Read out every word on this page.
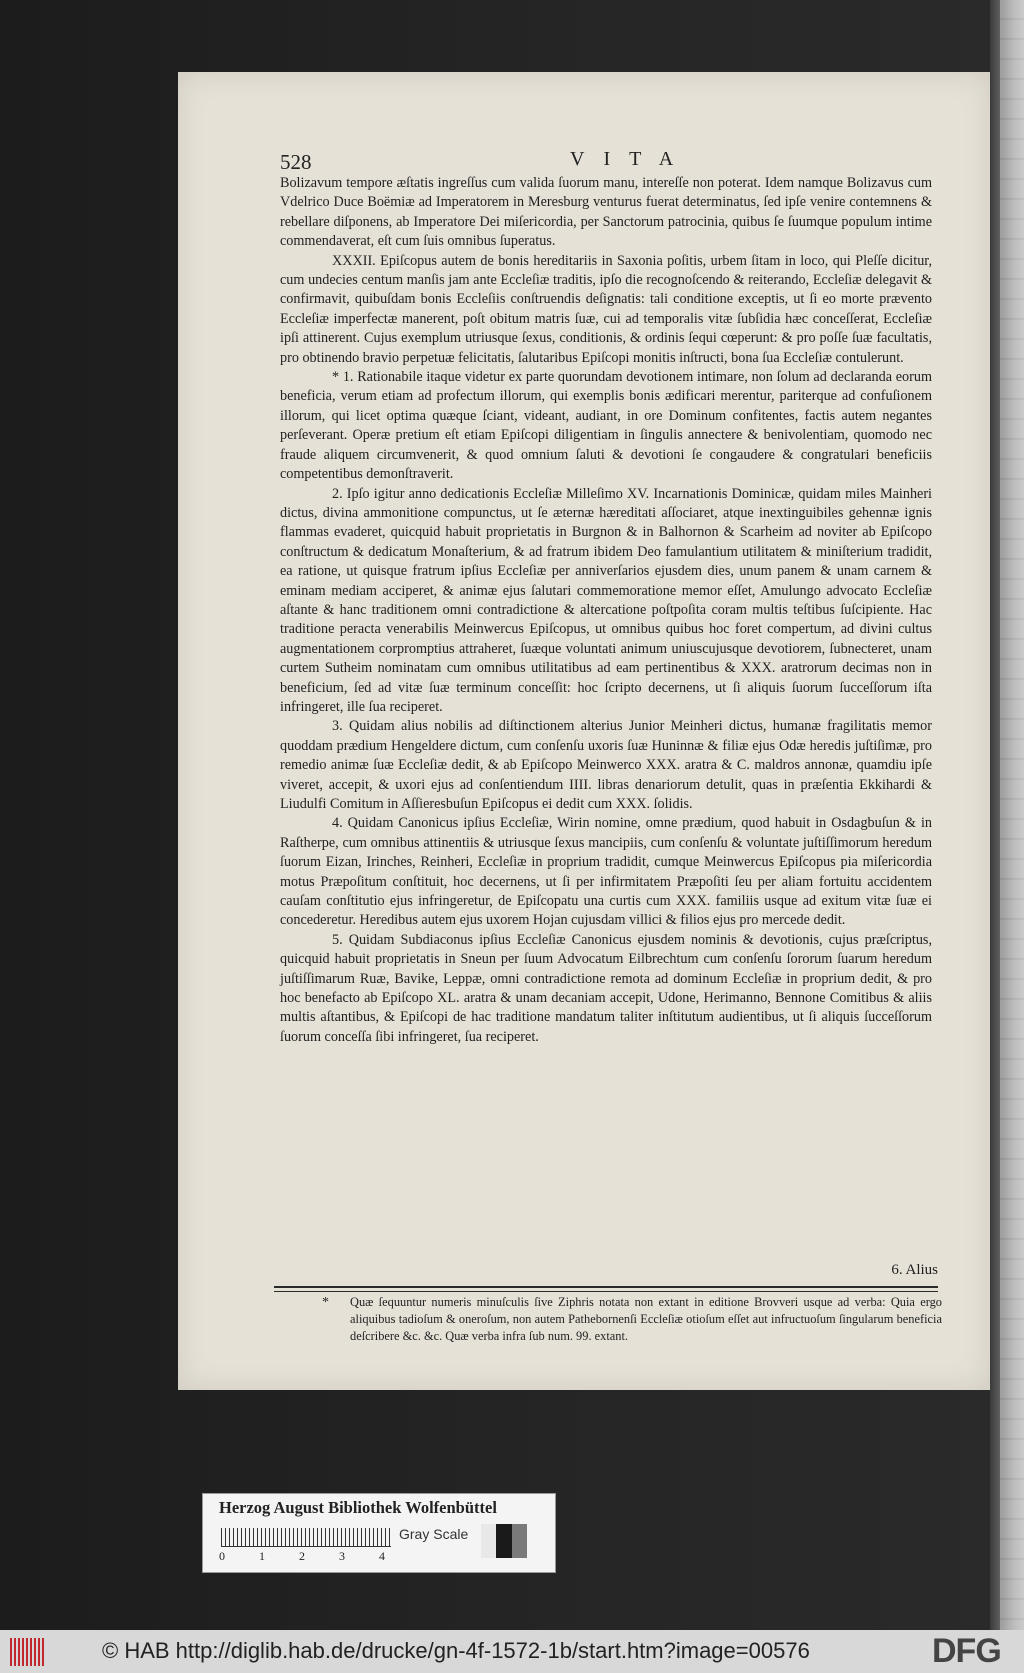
528	VITA

Bolizavum tempore æſtatis ingreſſus cum valida ſuorum manu, intereſſe non poterat. Idem namque Bolizavus cum Vdelrico Duce Boëmiæ ad Imperatorem in Meresburg venturus fuerat determinatus, ſed ipſe venire contemnens & rebellare diſponens, ab Imperatore Dei miſericordia, per Sanctorum patrocinia, quibus ſe ſuumque populum intime commendaverat, eſt cum ſuis omnibus ſuperatus.

XXXII. Epiſcopus autem de bonis hereditariis in Saxonia poſitis, urbem ſitam in loco, qui Pleſſe dicitur, cum undecies centum manſis jam ante Eccleſiæ traditis, ipſo die recognoſcendo & reiterando, Eccleſiæ delegavit & confirmavit, quibuſdam bonis Eccleſiis conſtruendis deſignatis: tali conditione exceptis, ut ſi eo morte prævento Eccleſiæ imperfectæ manerent, poſt obitum matris ſuæ, cui ad temporalis vitæ ſubſidia hæc conceſſerat, Eccleſiæ ipſi attinerent. Cujus exemplum utriusque ſexus, conditionis, & ordinis ſequi cœperunt: & pro poſſe ſuæ facultatis, pro obtinendo bravio perpetuæ felicitatis, ſalutaribus Epiſcopi monitis inſtructi, bona ſua Eccleſiæ contulerunt.

* 1. Rationabile itaque videtur ex parte quorundam devotionem intimare, non ſolum ad declaranda eorum beneficia, verum etiam ad profectum illorum, qui exemplis bonis ædificari merentur, pariterque ad confuſionem illorum, qui licet optima quæque ſciant, videant, audiant, in ore Dominum confitentes, factis autem negantes perſeverant. Operæ pretium eſt etiam Epiſcopi diligentiam in ſingulis annectere & benivolentiam, quomodo nec fraude aliquem circumvenerit, & quod omnium ſaluti & devotioni ſe congaudere & congratulari beneficiis competentibus demonſtraverit.

2. Ipſo igitur anno dedicationis Eccleſiæ Milleſimo XV. Incarnationis Dominicæ, quidam miles Mainheri dictus, divina ammonitione compunctus, ut ſe æternæ hæreditati aſſociaret, atque inextinguibiles gehennæ ignis flammas evaderet, quicquid habuit proprietatis in Burgnon & in Balhornon & Scarheim ad noviter ab Epiſcopo conſtructum & dedicatum Monaſterium, & ad fratrum ibidem Deo famulantium utilitatem & miniſterium tradidit, ea ratione, ut quisque fratrum ipſius Eccleſiæ per anniverſarios ejusdem dies, unum panem & unam carnem & eminam mediam acciperet, & animæ ejus ſalutari commemoratione memor eſſet, Amulungo advocato Eccleſiæ aſtante & hanc traditionem omni contradictione & altercatione poſtpoſita coram multis teſtibus ſuſcipiente. Hac traditione peracta venerabilis Meinwercus Epiſcopus, ut omnibus quibus hoc foret compertum, ad divini cultus augmentationem corpromptius attraheret, ſuæque voluntati animum uniuscujusque devotiorem, ſubnecteret, unam curtem Sutheim nominatam cum omnibus utilitatibus ad eam pertinentibus & XXX. aratrorum decimas non in beneficium, ſed ad vitæ ſuæ terminum conceſſit: hoc ſcripto decernens, ut ſi aliquis ſuorum ſucceſſorum iſta infringeret, ille ſua reciperet.

3. Quidam alius nobilis ad diſtinctionem alterius Junior Meinheri dictus, humanæ fragilitatis memor quoddam prædium Hengeldere dictum, cum conſenſu uxoris ſuæ Huninnæ & filiæ ejus Odæ heredis juſtiſimæ, pro remedio animæ ſuæ Eccleſiæ dedit, & ab Epiſcopo Meinwerco XXX. aratra & C. maldros annonæ, quamdiu ipſe viveret, accepit, & uxori ejus ad conſentiendum IIII. libras denariorum detulit, quas in præſentia Ekkihardi & Liudulfi Comitum in Aſſieresbuſun Epiſcopus ei dedit cum XXX. ſolidis.

4. Quidam Canonicus ipſius Eccleſiæ, Wirin nomine, omne prædium, quod habuit in Osdagbuſun & in Raſtherpe, cum omnibus attinentiis & utriusque ſexus mancipiis, cum conſenſu & voluntate juſtiſſimorum heredum ſuorum Eizan, Irinches, Reinheri, Eccleſiæ in proprium tradidit, cumque Meinwercus Epiſcopus pia miſericordia motus Præpoſitum conſtituit, hoc decernens, ut ſi per infirmitatem Præpoſiti ſeu per aliam fortuitu accidentem cauſam conſtitutio ejus infringeretur, de Epiſcopatu una curtis cum XXX. familiis usque ad exitum vitæ ſuæ ei concederetur. Heredibus autem ejus uxorem Hojan cujusdam villici & filios ejus pro mercede dedit.

5. Quidam Subdiaconus ipſius Eccleſiæ Canonicus ejusdem nominis & devotionis, cujus præſcriptus, quicquid habuit proprietatis in Sneun per ſuum Advocatum Eilbrechtum cum conſenſu ſororum ſuarum heredum juſtiſſimarum Ruæ, Bavike, Leppæ, omni contradictione remota ad dominum Eccleſiæ in proprium dedit, & pro hoc benefacto ab Epiſcopo XL. aratra & unam decaniam accepit, Udone, Herimanno, Bennone Comitibus & aliis multis aſtantibus, & Epiſcopi de hac traditione mandatum taliter inſtitutum audientibus, ut ſi aliquis ſucceſſorum ſuorum conceſſa ſibi infringeret, ſua reciperet.

6. Alius
* Quæ ſequuntur numeris minuſculis ſive Ziphris notata non extant in editione Brovveri usque ad verba: Quia ergo aliquibus tadioſum & oneroſum, non autem Pathebornenſi Eccleſiæ otioſum eſſet aut infructuoſum ſingularum beneficia deſcribere &c. &c. Quæ verba infra ſub num. 99. extant.
Herzog August Bibliothek Wolfenbüttel
0	1	2	3	4
Gray Scale
© HAB http://diglib.hab.de/drucke/gn-4f-1572-1b/start.htm?image=00576	DFG
